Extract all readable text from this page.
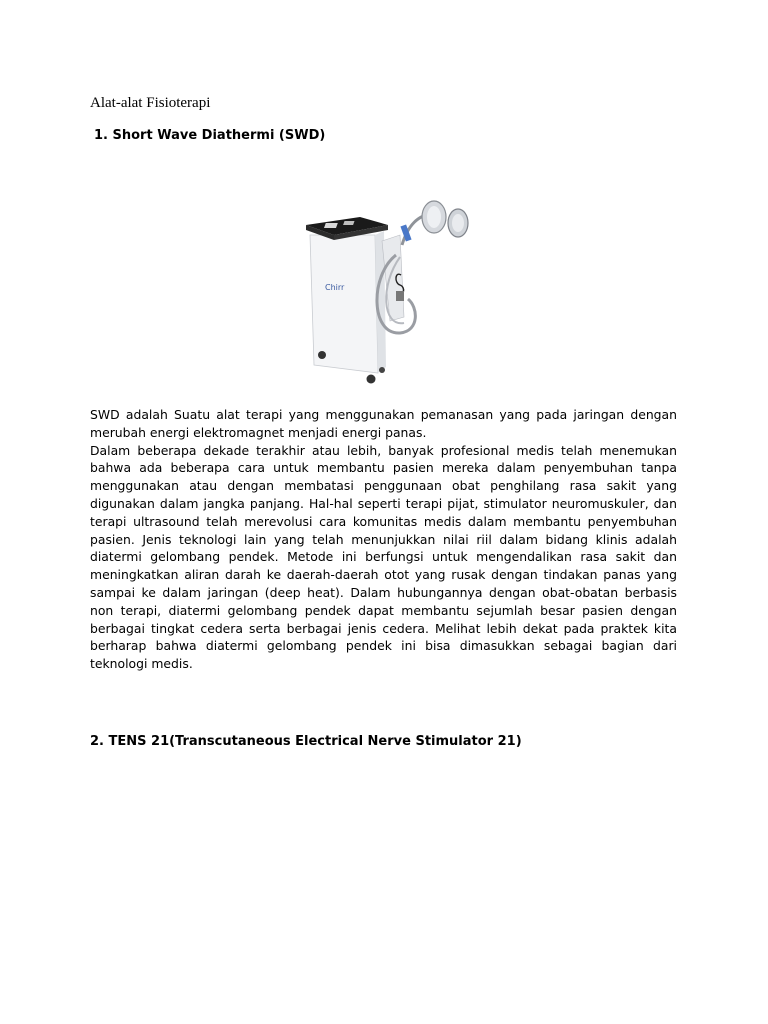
Alat-alat Fisioterapi
1. Short Wave Diathermi (SWD)
Chirr

SWD adalah Suatu alat terapi yang menggunakan pemanasan yang pada jaringan dengan merubah energi elektromagnet menjadi energi panas.

Dalam beberapa dekade terakhir atau lebih, banyak profesional medis telah menemukan bahwa ada beberapa cara untuk membantu pasien mereka dalam penyembuhan tanpa menggunakan atau dengan membatasi penggunaan obat penghilang rasa sakit yang digunakan dalam jangka panjang. Hal-hal seperti terapi pijat, stimulator neuromuskuler, dan terapi ultrasound telah merevolusi cara komunitas medis dalam membantu penyembuhan pasien. Jenis teknologi lain yang telah menunjukkan nilai riil dalam bidang klinis adalah diatermi gelombang pendek. Metode ini berfungsi untuk mengendalikan rasa sakit dan meningkatkan aliran darah ke daerah-daerah otot yang rusak dengan tindakan panas yang sampai ke dalam jaringan (deep heat). Dalam hubungannya dengan obat-obatan berbasis non terapi, diatermi gelombang pendek dapat membantu sejumlah besar pasien dengan berbagai tingkat cedera serta berbagai jenis cedera. Melihat lebih dekat pada praktek kita berharap bahwa diatermi gelombang pendek ini bisa dimasukkan sebagai bagian dari teknologi medis.

2. TENS 21(Transcutaneous Electrical Nerve Stimulator 21)
